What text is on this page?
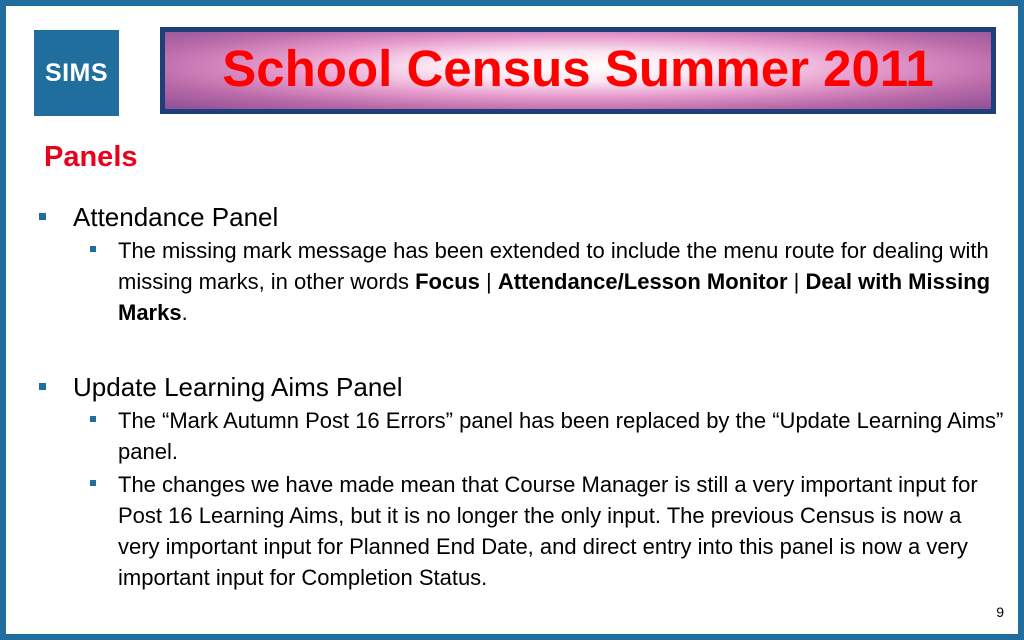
SIMS School Census Summer 2011
Panels
Attendance Panel
The missing mark message has been extended to include the menu route for dealing with missing marks, in other words Focus | Attendance/Lesson Monitor | Deal with Missing Marks.
Update Learning Aims Panel
The “Mark Autumn Post 16 Errors” panel has been replaced by the “Update Learning Aims” panel.
The changes we have made mean that Course Manager is still a very important input for Post 16 Learning Aims, but it is no longer the only input. The previous Census is now a very important input for Planned End Date, and direct entry into this panel is now a very important input for Completion Status.
9
